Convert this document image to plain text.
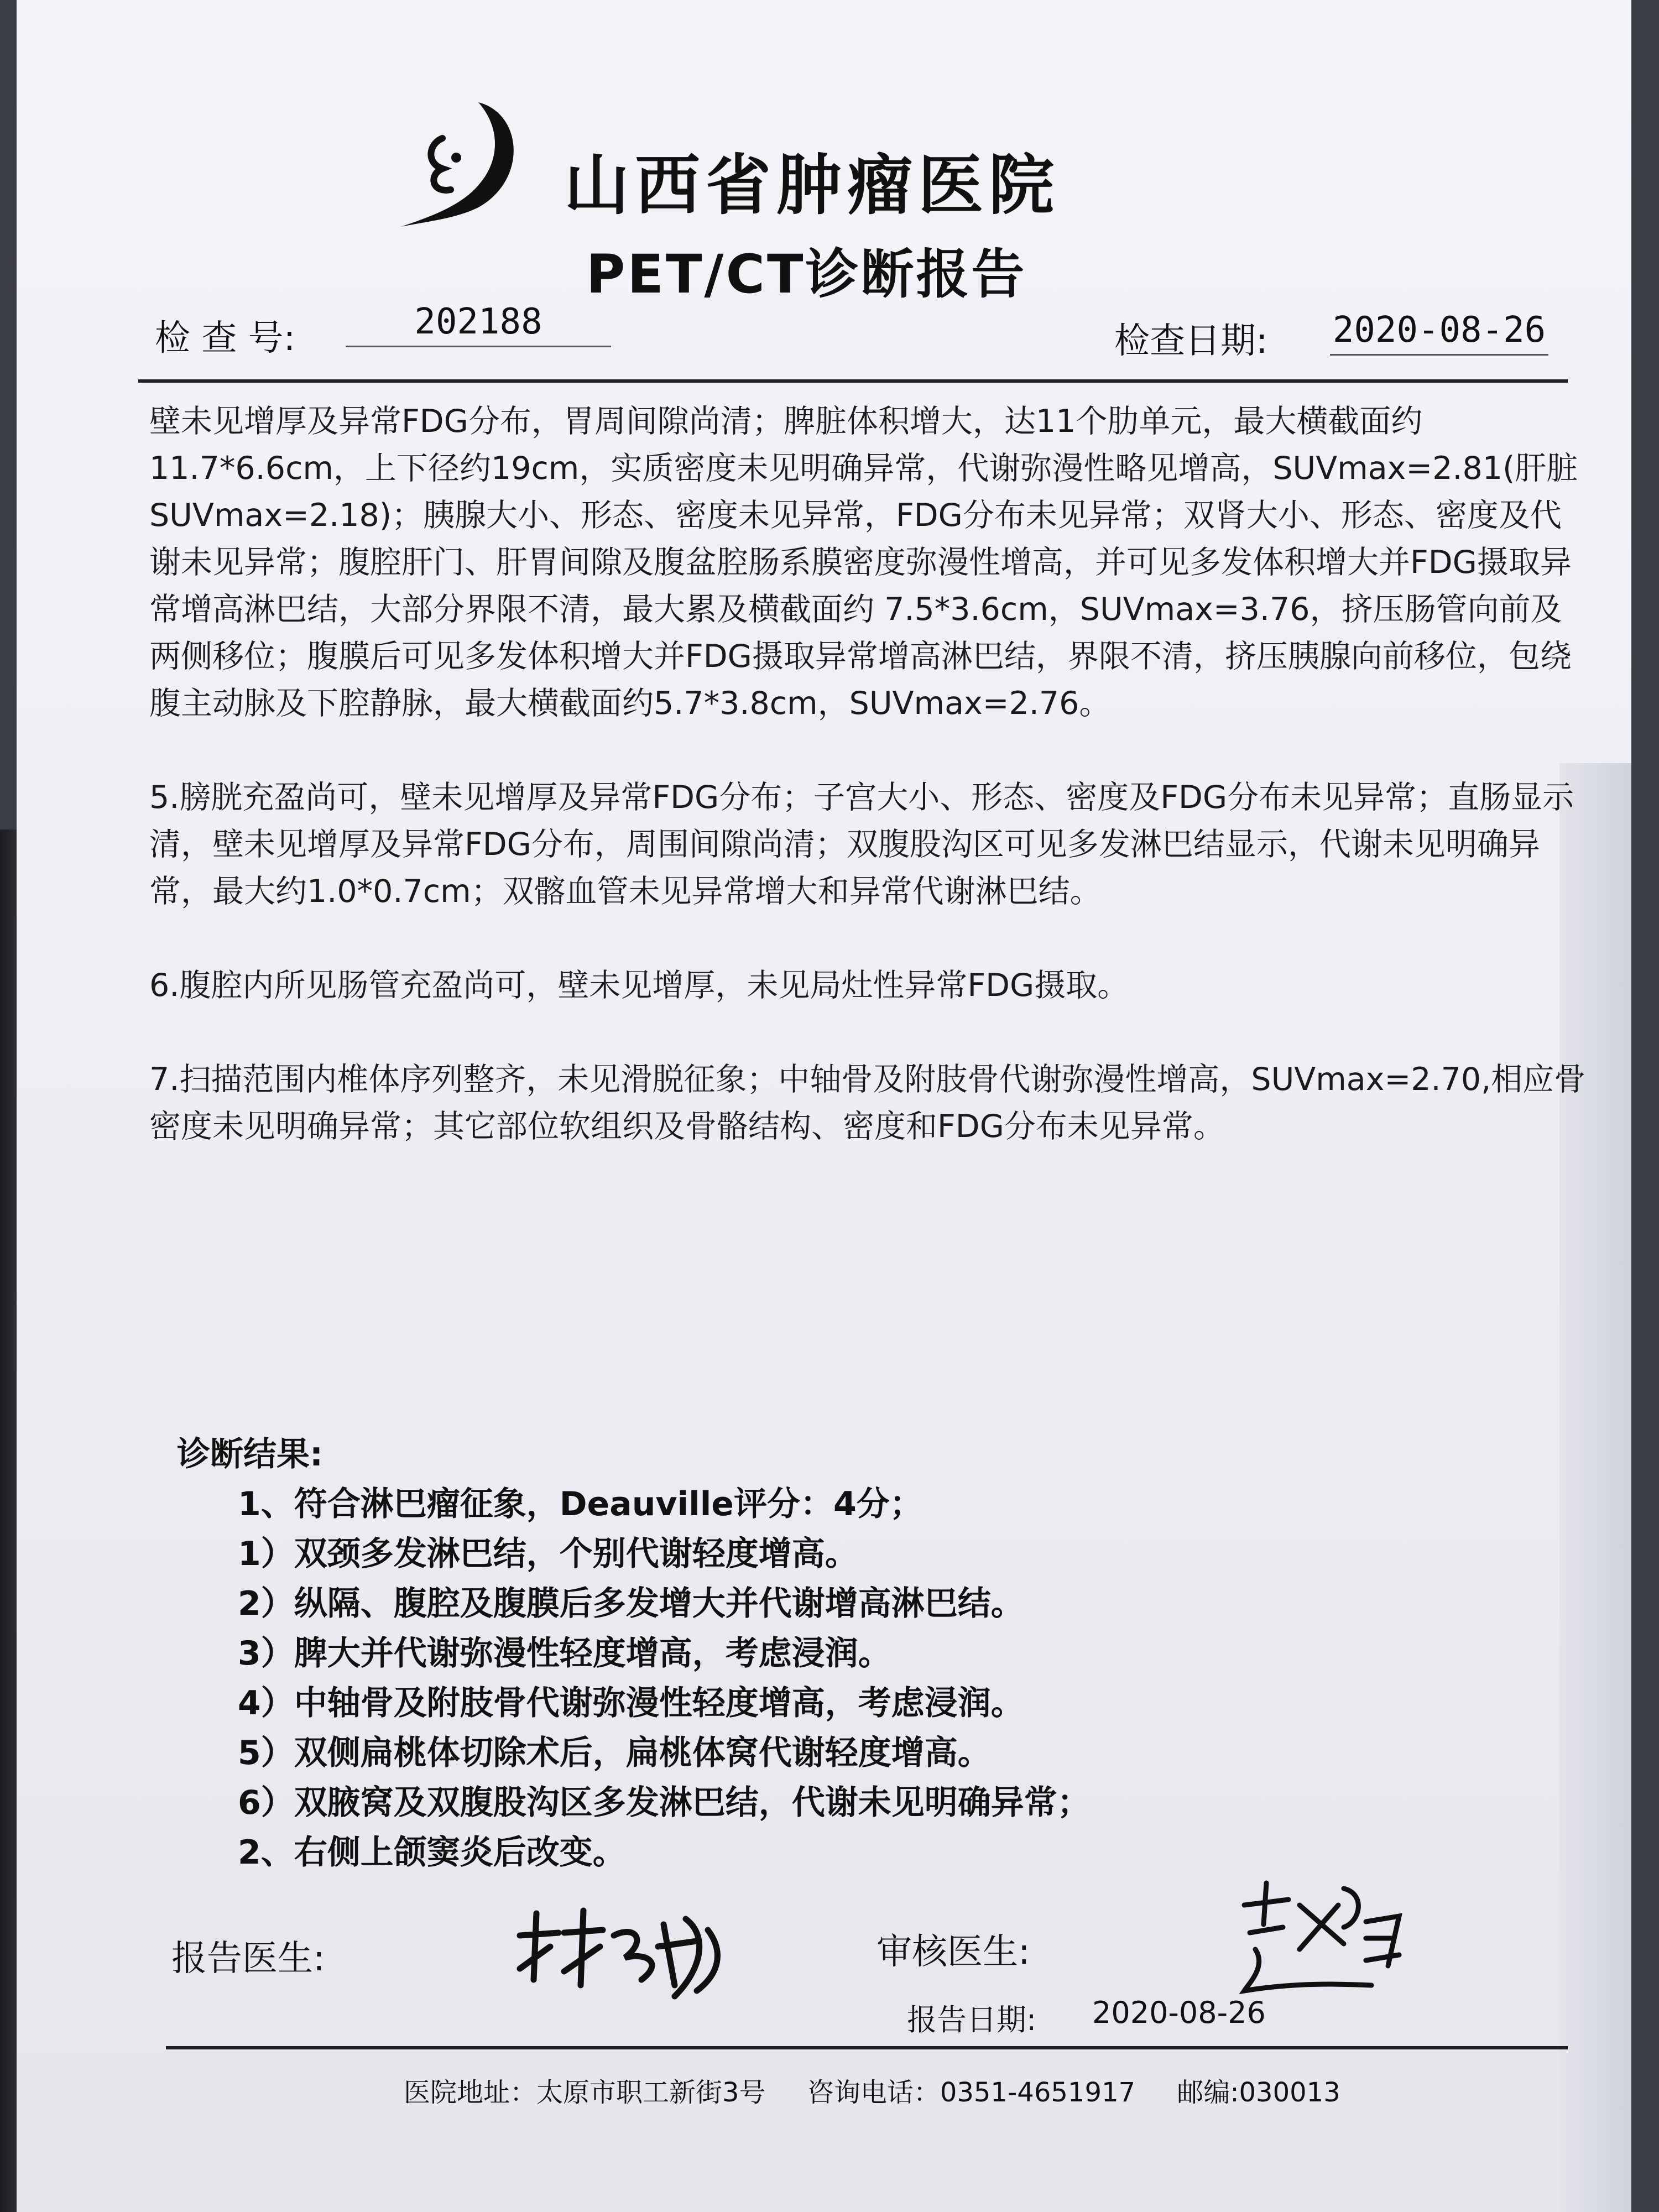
山西省肿瘤医院
PET/CT诊断报告
检 查 号:	202188	检查日期: 2020-08-26

壁未见增厚及异常FDG分布，胃周间隙尚清；脾脏体积增大，达11个肋单元，最大横截面约11.7*6.6cm，上下径约19cm，实质密度未见明确异常，代谢弥漫性略见增高，SUVmax=2.81(肝脏SUVmax=2.18)；胰腺大小、形态、密度未见异常，FDG分布未见异常；双肾大小、形态、密度及代谢未见异常；腹腔肝门、肝胃间隙及腹盆腔肠系膜密度弥漫性增高，并可见多发体积增大并FDG摄取异常增高淋巴结，大部分界限不清，最大累及横截面约 7.5*3.6cm，SUVmax=3.76，挤压肠管向前及两侧移位；腹膜后可见多发体积增大并FDG摄取异常增高淋巴结，界限不清，挤压胰腺向前移位，包绕腹主动脉及下腔静脉，最大横截面约5.7*3.8cm，SUVmax=2.76。

5.膀胱充盈尚可，壁未见增厚及异常FDG分布；子宫大小、形态、密度及FDG分布未见异常；直肠显示清，壁未见增厚及异常FDG分布，周围间隙尚清；双腹股沟区可见多发淋巴结显示，代谢未见明确异常，最大约1.0*0.7cm；双髂血管未见异常增大和异常代谢淋巴结。

6.腹腔内所见肠管充盈尚可，壁未见增厚，未见局灶性异常FDG摄取。

7.扫描范围内椎体序列整齐，未见滑脱征象；中轴骨及附肢骨代谢弥漫性增高，SUVmax=2.70,相应骨密度未见明确异常；其它部位软组织及骨骼结构、密度和FDG分布未见异常。

诊断结果:

1、符合淋巴瘤征象，Deauville评分：4分；

1）双颈多发淋巴结，个别代谢轻度增高。

2）纵隔、腹腔及腹膜后多发增大并代谢增高淋巴结。

3）脾大并代谢弥漫性轻度增高，考虑浸润。

4）中轴骨及附肢骨代谢弥漫性轻度增高，考虑浸润。

5）双侧扁桃体切除术后，扁桃体窝代谢轻度增高。

6）双腋窝及双腹股沟区多发淋巴结，代谢未见明确异常；

2、右侧上颌窦炎后改变。

报告医生:	审核医生:
报告日期: 2020-08-26
医院地址：太原市职工新街3号 咨询电话：0351-4651917 邮编:030013
